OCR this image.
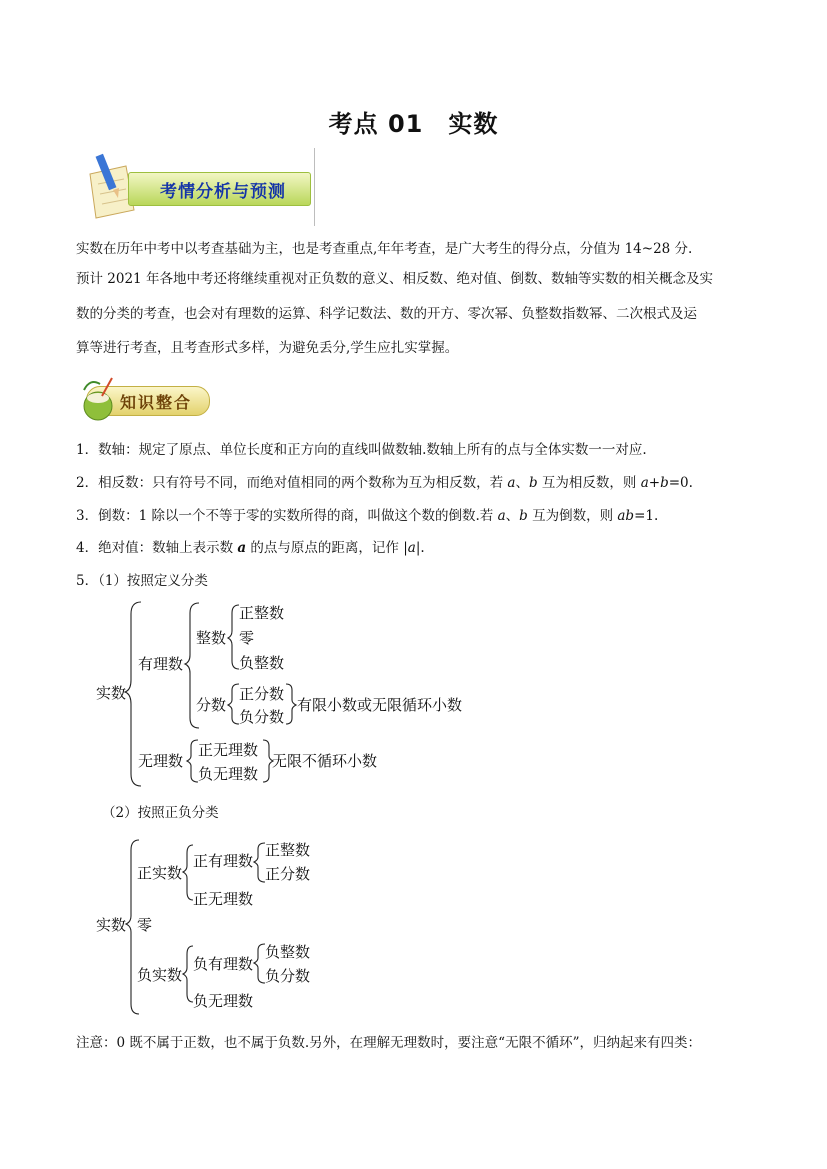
考点 01　实数
考情分析与预测
实数在历年中考中以考查基础为主，也是考查重点,年年考查，是广大考生的得分点，分值为 14~28 分.
预计 2021 年各地中考还将继续重视对正负数的意义、相反数、绝对值、倒数、数轴等实数的相关概念及实
数的分类的考查，也会对有理数的运算、科学记数法、数的开方、零次幂、负整数指数幂、二次根式及运
算等进行考查，且考查形式多样，为避免丢分,学生应扎实掌握。
知识整合
1．数轴：规定了原点、单位长度和正方向的直线叫做数轴.数轴上所有的点与全体实数一一对应.
2．相反数：只有符号不同，而绝对值相同的两个数称为互为相反数，若 a、b 互为相反数，则 a+b=0.
3．倒数：1 除以一个不等于零的实数所得的商，叫做这个数的倒数.若 a、b 互为倒数，则 ab=1.
4．绝对值：数轴上表示数 a 的点与原点的距离，记作 |a|.
5．（1）按照定义分类
实数
有理数
整数
正整数
零
负整数
分数
正分数
负分数
有限小数或无限循环小数
无理数
正无理数
负无理数
无限不循环小数
（2）按照正负分类
实数
正实数
正有理数
正整数
正分数
正无理数
零
负实数
负有理数
负整数
负分数
负无理数
注意：0 既不属于正数，也不属于负数.另外，在理解无理数时，要注意“无限不循环”，归纳起来有四类：
